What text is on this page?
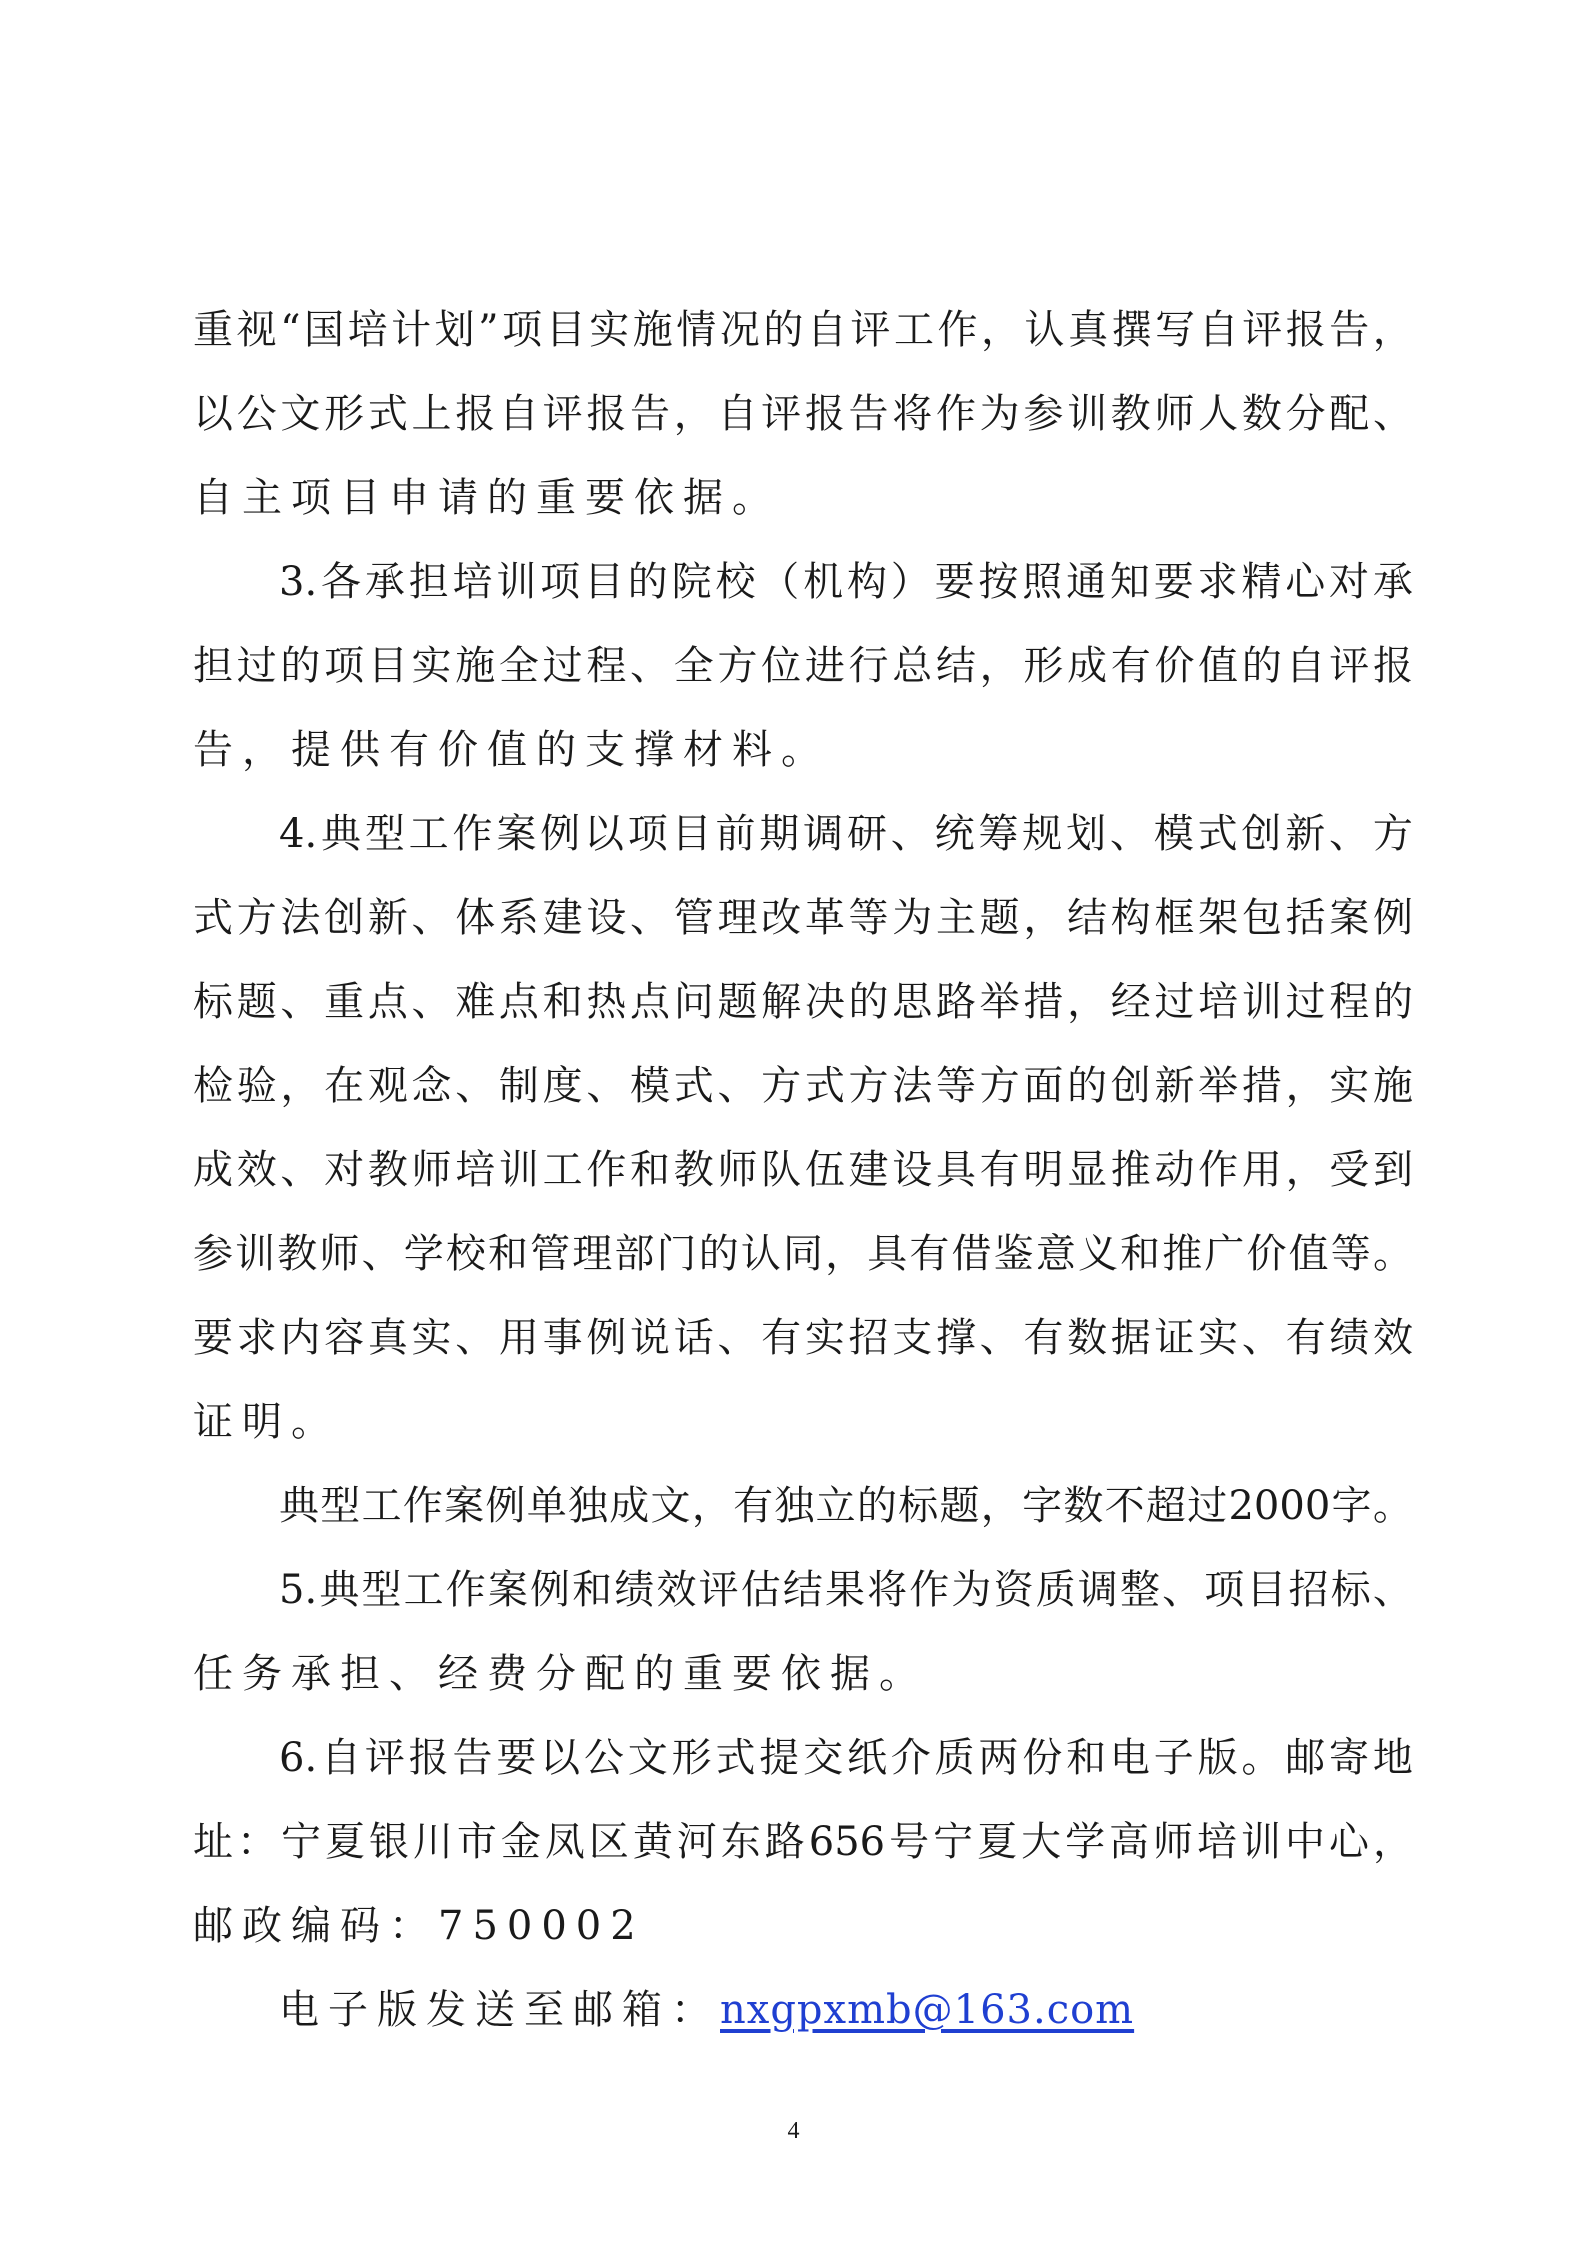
重 视 “ 国 培 计 划 ” 项 目 实 施 情 况 的 自 评 工 作 ， 认 真 撰 写 自 评 报 告 ，
以 公 文 形 式 上 报 自 评 报 告 ， 自 评 报 告 将 作 为 参 训 教 师 人 数 分 配 、
自主项目申请的重要依据。
3. 各 承 担 培 训 项 目 的 院 校 （ 机 构 ） 要 按 照 通 知 要 求 精 心 对 承
担 过 的 项 目 实 施 全 过 程 、 全 方 位 进 行 总 结 ， 形 成 有 价 值 的 自 评 报
告，提供有价值的支撑材料。
4. 典 型 工 作 案 例 以 项 目 前 期 调 研 、 统 筹 规 划 、 模 式 创 新 、 方
式 方 法 创 新 、 体 系 建 设 、 管 理 改 革 等 为 主 题 ， 结 构 框 架 包 括 案 例
标 题 、 重 点 、 难 点 和 热 点 问 题 解 决 的 思 路 举 措 ， 经 过 培 训 过 程 的
检 验 ， 在 观 念 、 制 度 、 模 式 、 方 式 方 法 等 方 面 的 创 新 举 措 ， 实 施
成 效 、 对 教 师 培 训 工 作 和 教 师 队 伍 建 设 具 有 明 显 推 动 作 用 ， 受 到
参 训 教 师 、 学 校 和 管 理 部 门 的 认 同 ， 具 有 借 鉴 意 义 和 推 广 价 值 等 。
要 求 内 容 真 实 、 用 事 例 说 话 、 有 实 招 支 撑 、 有 数 据 证 实 、 有 绩 效
证明。
典 型 工 作 案 例 单 独 成 文 ， 有 独 立 的 标 题 ， 字 数 不 超 过 2000 字 。
5. 典 型 工 作 案 例 和 绩 效 评 估 结 果 将 作 为 资 质 调 整 、 项 目 招 标 、
任务承担、经费分配的重要依据。
6. 自 评 报 告 要 以 公 文 形 式 提 交 纸 介 质 两 份 和 电 子 版 。 邮 寄 地
址 ： 宁 夏 银 川 市 金 凤 区 黄 河 东 路 656 号 宁 夏 大 学 高 师 培 训 中 心 ，
邮政编码：750002
电子版发送至邮箱： nxgpxmb@163.com
4
